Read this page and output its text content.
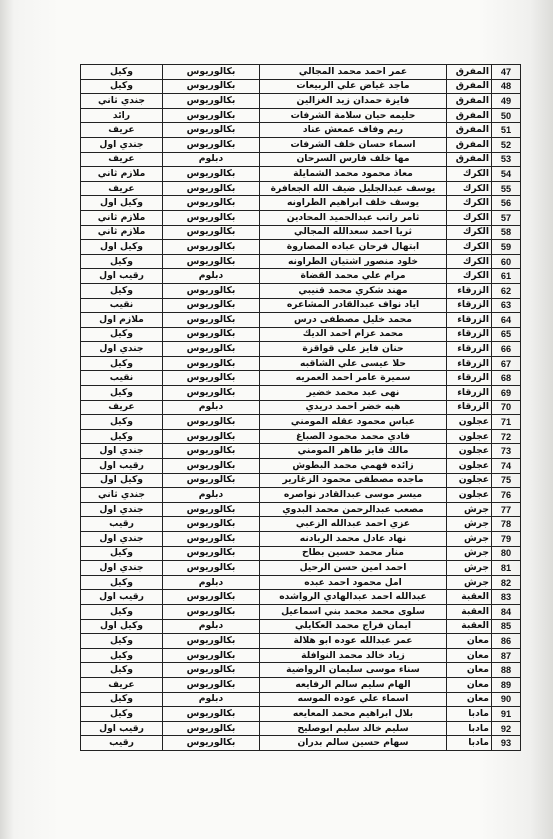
47	المفرق	عمر احمد محمد المجالي	بكالوريوس	وكيل
48	المفرق	ماجد غياض علي الربيعات	بكالوريوس	وكيل
49	المفرق	فايزة حمدان زيد الغزالين	بكالوريوس	جندي ثاني
50	المفرق	حليمه حيان سلامة الشرفات	بكالوريوس	رائد
51	المفرق	ريم وفاف عمعش عناد	بكالوريوس	عريف
52	المفرق	اسماء حسان خلف الشرفات	بكالوريوس	جندي اول
53	المفرق	مها خلف فارس السرحان	دبلوم	عريف
54	الكرك	معاذ محمود محمد الشمايلة	بكالوريوس	ملازم ثاني
55	الكرك	يوسف عبدالجليل ضيف الله الجعافرة	بكالوريوس	عريف
56	الكرك	يوسف خلف ابراهيم الطراونه	بكالوريوس	وكيل اول
57	الكرك	ثامر راتب عبدالحميد المحادين	بكالوريوس	ملازم ثاني
58	الكرك	ثريا احمد سعدالله المجالي	بكالوريوس	ملازم ثاني
59	الكرك	ابتهال فرحان عباده المصاروة	بكالوريوس	وكيل اول
60	الكرك	خلود منصور اشتيان الطراونه	بكالوريوس	وكيل
61	الكرك	مرام علي محمد القضاة	دبلوم	رقيب اول
62	الزرقاء	مهند شكري محمد قنيبي	بكالوريوس	وكيل
63	الزرقاء	اياد نواف عبدالقادر المشاعره	بكالوريوس	نقيب
64	الزرقاء	محمد خليل مصطفى درس	بكالوريوس	ملازم اول
65	الزرقاء	محمد عزام احمد الديك	بكالوريوس	وكيل
66	الزرقاء	حنان فايز علي قواقزة	بكالوريوس	جندي اول
67	الزرقاء	حلا عيسى علي الشاقبه	بكالوريوس	وكيل
68	الزرقاء	سميرة عامر احمد العمريه	بكالوريوس	نقيب
69	الزرقاء	نهى عبد محمد خضير	بكالوريوس	وكيل
70	الزرقاء	هبه خضر احمد دريدي	دبلوم	عريف
71	عجلون	عباس محمود عقله المومني	بكالوريوس	وكيل
72	عجلون	فادي محمد محمود الصباغ	بكالوريوس	وكيل
73	عجلون	مالك فايز طاهر المومني	بكالوريوس	جندي اول
74	عجلون	زائده فهمي محمد البطوش	بكالوريوس	رقيب اول
75	عجلون	ماجده مصطفى محمود الزغارير	بكالوريوس	وكيل اول
76	عجلون	ميسر موسى عبدالقادر نواصره	دبلوم	جندي ثاني
77	جرش	مصعب عبدالرحمن محمد البدوي	بكالوريوس	جندي اول
78	جرش	عزي احمد عبدالله الزعبي	بكالوريوس	رقيب
79	جرش	نهاد عادل محمد الربادنه	بكالوريوس	جندي اول
80	جرش	منار محمد حسين بطاح	بكالوريوس	وكيل
81	جرش	احمد امين حسن الرحيل	بكالوريوس	جندي اول
82	جرش	امل محمود احمد عبده	دبلوم	وكيل
83	العقبة	عبدالله احمد عبدالهادي الرواشده	بكالوريوس	رقيب اول
84	العقبة	سلوى محمد محمد بني اسماعيل	بكالوريوس	وكيل
85	العقبة	ايمان فراج محمد العكايلي	دبلوم	وكيل اول
86	معان	عمر عبدالله عوده ابو هلالة	بكالوريوس	وكيل
87	معان	زياد خالد محمد النوافلة	بكالوريوس	وكيل
88	معان	سناء موسى سليمان الرواضية	بكالوريوس	وكيل
89	معان	الهام سليم سالم الرفايعه	بكالوريوس	عريف
90	معان	اسماء علي عوده الموسه	دبلوم	وكيل
91	مادبا	بلال ابراهيم محمد المعايعه	بكالوريوس	وكيل
92	مادبا	سليم خالد سليم ابوصليح	بكالوريوس	رقيب اول
93	مادبا	سهام حسين سالم بدران	بكالوريوس	رقيب
